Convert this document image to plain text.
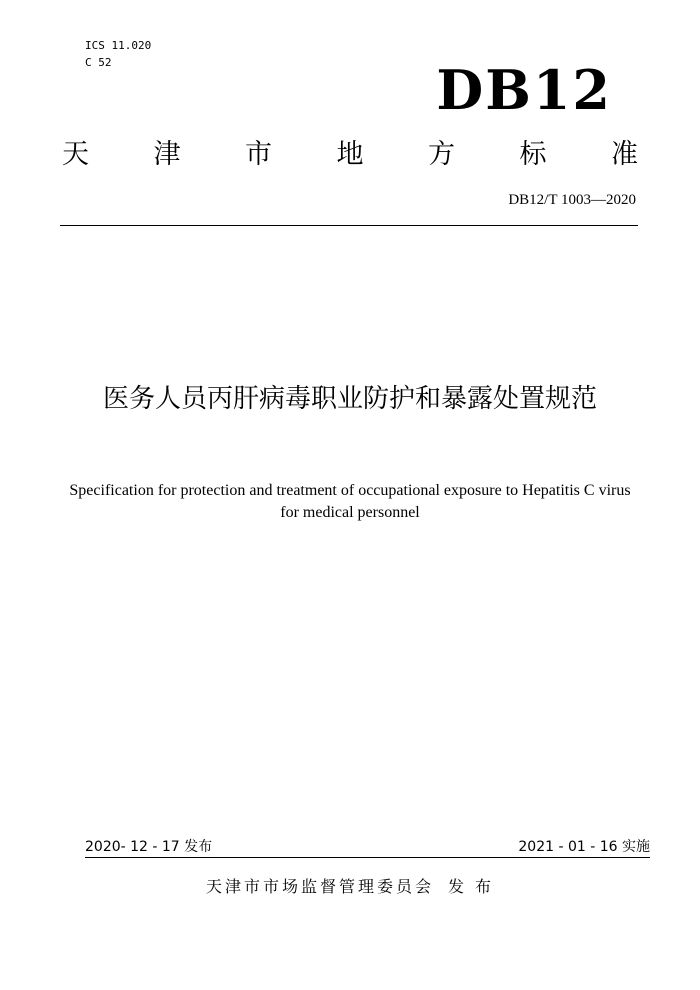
ICS 11.020
C 52	DB12
天 津 市 地 方 标 准
DB12/T 1003—2020
医务人员丙肝病毒职业防护和暴露处置规范
Specification for protection and treatment of occupational exposure to Hepatitis C virus for medical personnel
2020- 12 - 17 发布	2021 - 01 - 16 实施
天津市市场监督管理委员会 发 布
